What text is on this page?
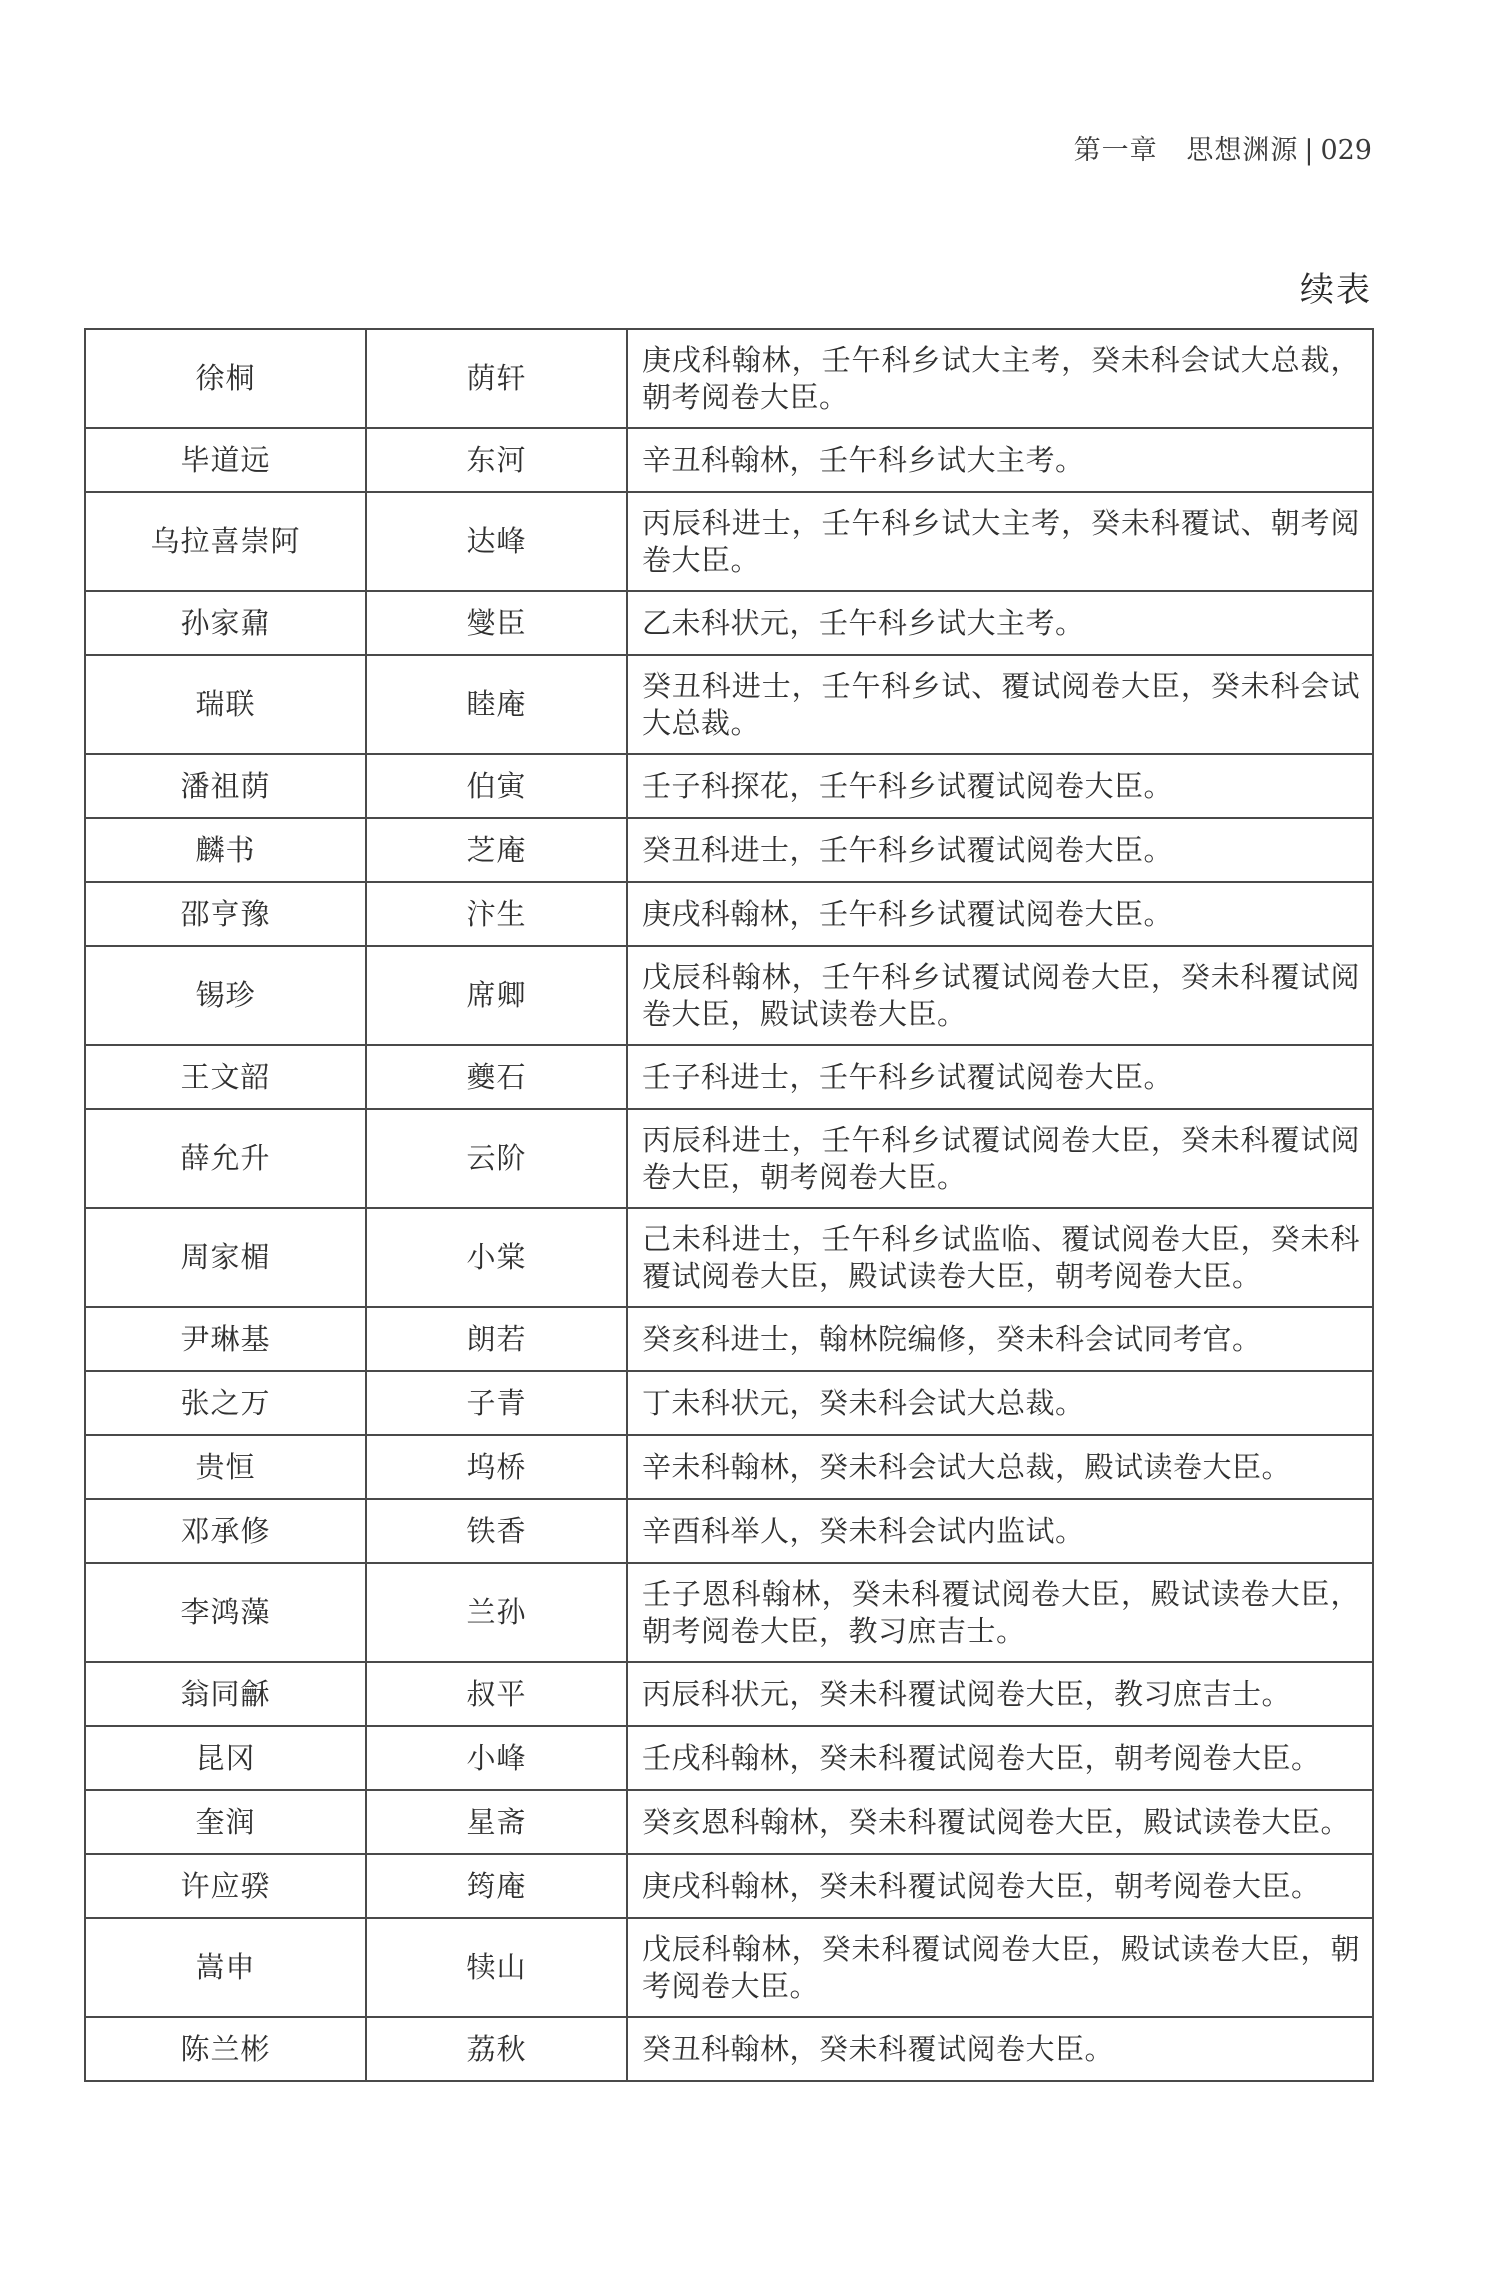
第一章 思想渊源 | 029
续表
徐桐	荫轩	庚戌科翰林，壬午科乡试大主考，癸未科会试大总裁，朝考阅卷大臣。
毕道远	东河	辛丑科翰林，壬午科乡试大主考。
乌拉喜崇阿	达峰	丙辰科进士，壬午科乡试大主考，癸未科覆试、朝考阅卷大臣。
孙家鼐	燮臣	乙未科状元，壬午科乡试大主考。
瑞联	睦庵	癸丑科进士，壬午科乡试、覆试阅卷大臣，癸未科会试大总裁。
潘祖荫	伯寅	壬子科探花，壬午科乡试覆试阅卷大臣。
麟书	芝庵	癸丑科进士，壬午科乡试覆试阅卷大臣。
邵亨豫	汴生	庚戌科翰林，壬午科乡试覆试阅卷大臣。
锡珍	席卿	戊辰科翰林，壬午科乡试覆试阅卷大臣，癸未科覆试阅卷大臣，殿试读卷大臣。
王文韶	夔石	壬子科进士，壬午科乡试覆试阅卷大臣。
薛允升	云阶	丙辰科进士，壬午科乡试覆试阅卷大臣，癸未科覆试阅卷大臣，朝考阅卷大臣。
周家楣	小棠	己未科进士，壬午科乡试监临、覆试阅卷大臣，癸未科覆试阅卷大臣，殿试读卷大臣，朝考阅卷大臣。
尹琳基	朗若	癸亥科进士，翰林院编修，癸未科会试同考官。
张之万	子青	丁未科状元，癸未科会试大总裁。
贵恒	坞桥	辛未科翰林，癸未科会试大总裁，殿试读卷大臣。
邓承修	铁香	辛酉科举人，癸未科会试内监试。
李鸿藻	兰孙	壬子恩科翰林，癸未科覆试阅卷大臣，殿试读卷大臣，朝考阅卷大臣，教习庶吉士。
翁同龢	叔平	丙辰科状元，癸未科覆试阅卷大臣，教习庶吉士。
昆冈	小峰	壬戌科翰林，癸未科覆试阅卷大臣，朝考阅卷大臣。
奎润	星斋	癸亥恩科翰林，癸未科覆试阅卷大臣，殿试读卷大臣。
许应骙	筠庵	庚戌科翰林，癸未科覆试阅卷大臣，朝考阅卷大臣。
嵩申	犊山	戊辰科翰林，癸未科覆试阅卷大臣，殿试读卷大臣，朝考阅卷大臣。
陈兰彬	荔秋	癸丑科翰林，癸未科覆试阅卷大臣。
